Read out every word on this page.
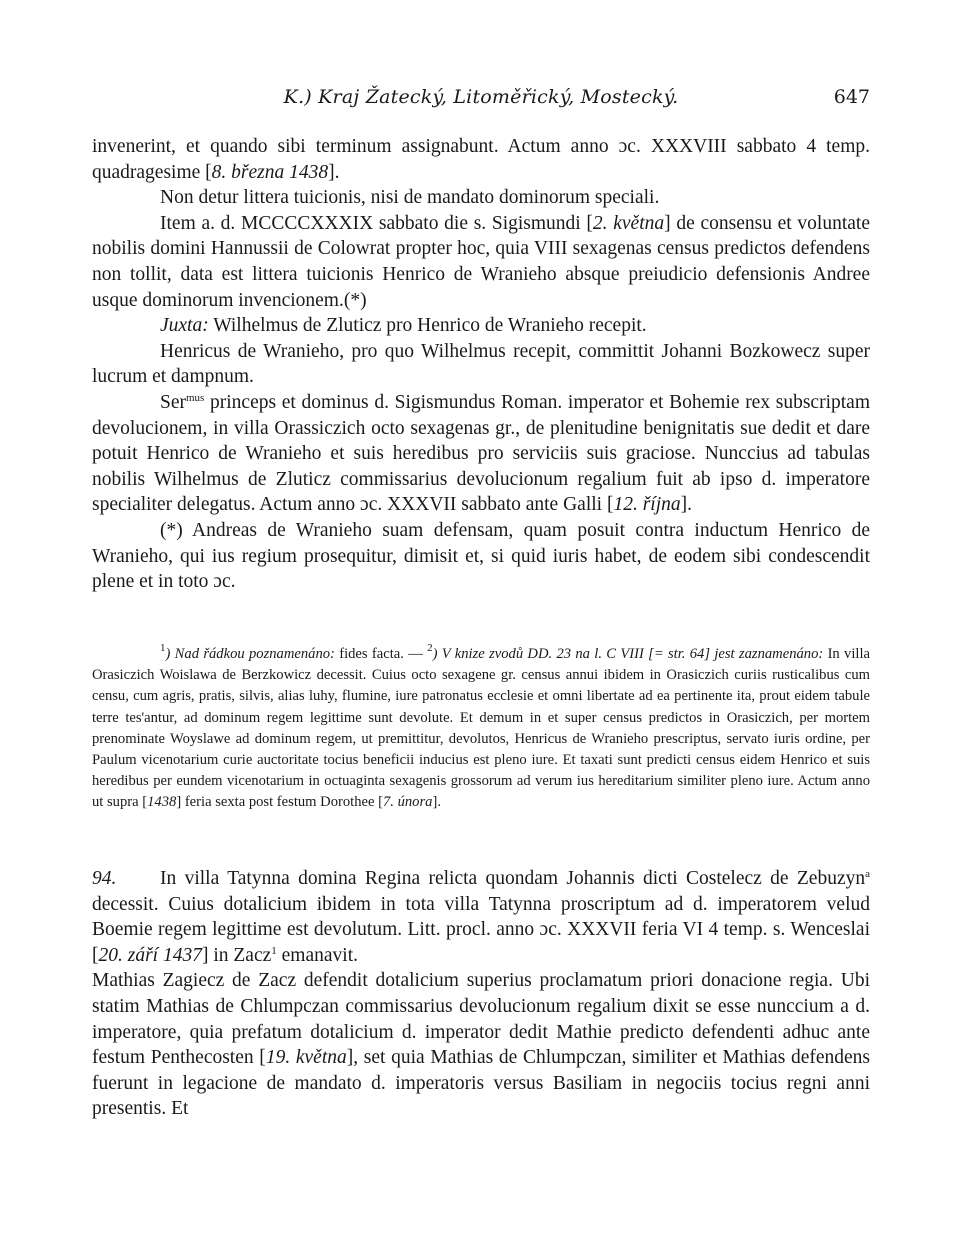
K.) Kraj Žatecký, Litoměřický, Mostecký.	647

invenerint, et quando sibi terminum assignabunt. Actum anno ɔc. XXXVIII sabbato 4 temp. quadragesime [8. března 1438].

Non detur littera tuicionis, nisi de mandato dominorum speciali.

Item a. d. MCCCCXXXIX sabbato die s. Sigismundi [2. května] de consensu et voluntate nobilis domini Hannussii de Colowrat propter hoc, quia VIII sexagenas census predictos defendens non tollit, data est littera tuicionis Henrico de Wranieho absque preiudicio defensionis Andree usque dominorum invencionem.(*)

Juxta: Wilhelmus de Zluticz pro Henrico de Wranieho recepit.

Henricus de Wranieho, pro quo Wilhelmus recepit, committit Johanni Bozkowecz super lucrum et dampnum.

Ser$^{mus}$ princeps et dominus d. Sigismundus Roman. imperator et Bohemie rex subscriptam devolucionem, in villa Orassiczich octo sexagenas gr., de plenitudine benignitatis sue dedit et dare potuit Henrico de Wranieho et suis heredibus pro serviciis suis graciose. Nunccius ad tabulas nobilis Wilhelmus de Zluticz commissarius devolucionum regalium fuit ab ipso d. imperatore specialiter delegatus. Actum anno ɔc. XXXVII sabbato ante Galli [12. října].

(*) Andreas de Wranieho suam defensam, quam posuit contra inductum Henrico de Wranieho, qui ius regium prosequitur, dimisit et, si quid iuris habet, de eodem sibi condescendit plene et in toto ɔc.

$^1$) Nad řádkou poznamenáno: fides facta. — $^2$) V knize zvodů DD. 23 na l. C VIII [= str. 64] jest zaznamenáno: In villa Orasiczich Woislawa de Berzkowicz decessit. Cuius octo sexagene gr. census annui ibidem in Orasiczich curiis rusticalibus cum censu, cum agris, pratis, silvis, alias luhy, flumine, iure patronatus ecclesie et omni libertate ad ea pertinente ita, prout eidem tabule terre tes'antur, ad dominum regem legittime sunt devolute. Et demum in et super census predictos in Orasiczich, per mortem prenominate Woyslawe ad dominum regem, ut premittitur, devolutos, Henricus de Wranieho prescriptus, servato iuris ordine, per Paulum vicenotarium curie auctoritate tocius beneficii inducius est pleno iure. Et taxati sunt predicti census eidem Henrico et suis heredibus per eundem vicenotarium in octuaginta sexagenis grossorum ad verum ius hereditarium similiter pleno iure. Actum anno ut supra [1438] feria sexta post festum Dorothee [7. února].

94. In villa Tatynna domina Regina relicta quondam Johannis dicti Costelecz de Zebuzyn$^a$ decessit. Cuius dotalicium ibidem in tota villa Tatynna proscriptum ad d. imperatorem velud Boemie regem legittime est devolutum. Litt. procl. anno ɔc. XXXVII feria VI 4 temp. s. Wenceslai [20. září 1437] in Zacz$^1$ emanavit.

Mathias Zagiecz de Zacz defendit dotalicium superius proclamatum priori donacione regia. Ubi statim Mathias de Chlumpczan commissarius devolucionum regalium dixit se esse nunccium a d. imperatore, quia prefatum dotalicium d. imperator dedit Mathie predicto defendenti adhuc ante festum Penthecosten [19. května], set quia Mathias de Chlumpczan, similiter et Mathias defendens fuerunt in legacione de mandato d. imperatoris versus Basiliam in negociis tocius regni anni presentis. Et
